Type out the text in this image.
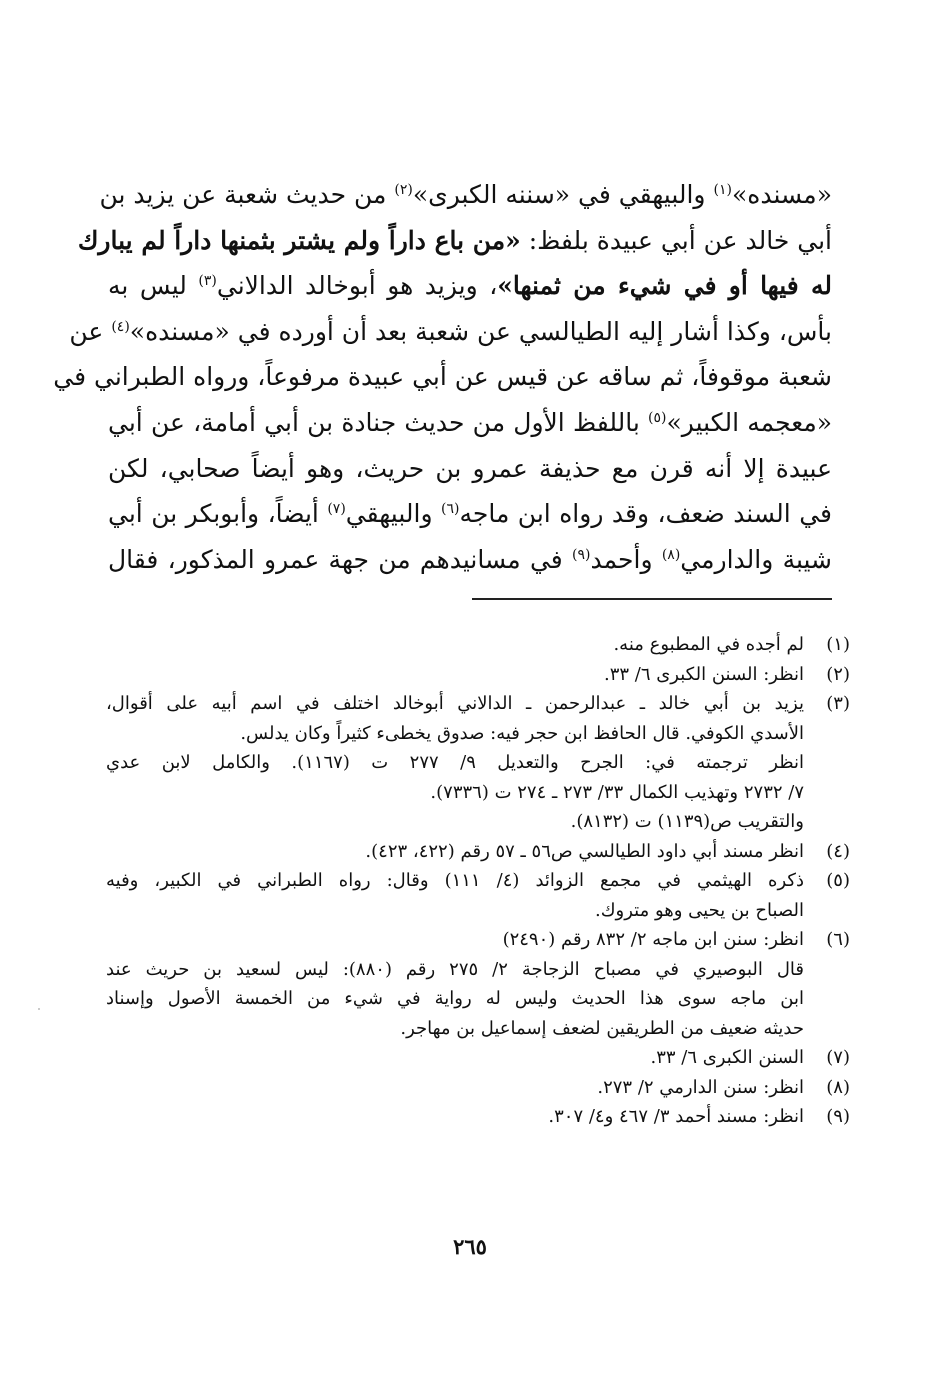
«مسنده»$^{(١)}$ والبيهقي في «سننه الكبرى»$^{(٢)}$ من حديث شعبة عن يزيد بن
أبي خالد عن أبي عبيدة بلفظ: «من باع داراً ولم يشتر بثمنها داراً لم يبارك
له فيها أو في شيء من ثمنها»، ويزيد هو أبوخالد الدالاني$^{(٣)}$ ليس به
بأس، وكذا أشار إليه الطيالسي عن شعبة بعد أن أورده في «مسنده»$^{(٤)}$ عن
شعبة موقوفاً، ثم ساقه عن قيس عن أبي عبيدة مرفوعاً، ورواه الطبراني في
«معجمه الكبير»$^{(٥)}$ باللفظ الأول من حديث جنادة بن أبي أمامة، عن أبي
عبيدة إلا أنه قرن مع حذيفة عمرو بن حريث، وهو أيضاً صحابي، لكن
في السند ضعف، وقد رواه ابن ماجه$^{(٦)}$ والبيهقي$^{(٧)}$ أيضاً، وأبوبكر بن أبي
شيبة والدارمي$^{(٨)}$ وأحمد$^{(٩)}$ في مسانيدهم من جهة عمرو المذكور، فقال
(١)
لم أجده في المطبوع منه.
(٢)
انظر: السنن الكبرى ٦/ ٣٣.
(٣)
يزيد بن أبي خالد ـ عبدالرحمن ـ الدالاني أبوخالد اختلف في اسم أبيه على أقوال،
الأسدي الكوفي. قال الحافظ ابن حجر فيه: صدوق يخطىء كثيراً وكان يدلس.
انظر ترجمته في: الجرح والتعديل ٩/ ٢٧٧ ت (١١٦٧). والكامل لابن عدي
٧/ ٢٧٣٢ وتهذيب الكمال ٣٣/ ٢٧٣ ـ ٢٧٤ ت (٧٣٣٦).
والتقريب ص(١١٣٩) ت (٨١٣٢).
(٤)
انظر مسند أبي داود الطيالسي ص٥٦ ـ ٥٧ رقم (٤٢٢، ٤٢٣).
(٥)
ذكره الهيثمي في مجمع الزوائد (٤/ ١١١) وقال: رواه الطبراني في الكبير، وفيه
الصباح بن يحيى وهو متروك.
(٦)
انظر: سنن ابن ماجه ٢/ ٨٣٢ رقم (٢٤٩٠)
قال البوصيري في مصباح الزجاجة ٢/ ٢٧٥ رقم (٨٨٠): ليس لسعيد بن حريث عند
ابن ماجه سوى هذا الحديث وليس له رواية في شيء من الخمسة الأصول وإسناد
حديثه ضعيف من الطريقين لضعف إسماعيل بن مهاجر.
(٧)
السنن الكبرى ٦/ ٣٣.
(٨)
انظر: سنن الدارمي ٢/ ٢٧٣.
(٩)
انظر: مسند أحمد ٣/ ٤٦٧ و٤/ ٣٠٧.
٢٦٥
